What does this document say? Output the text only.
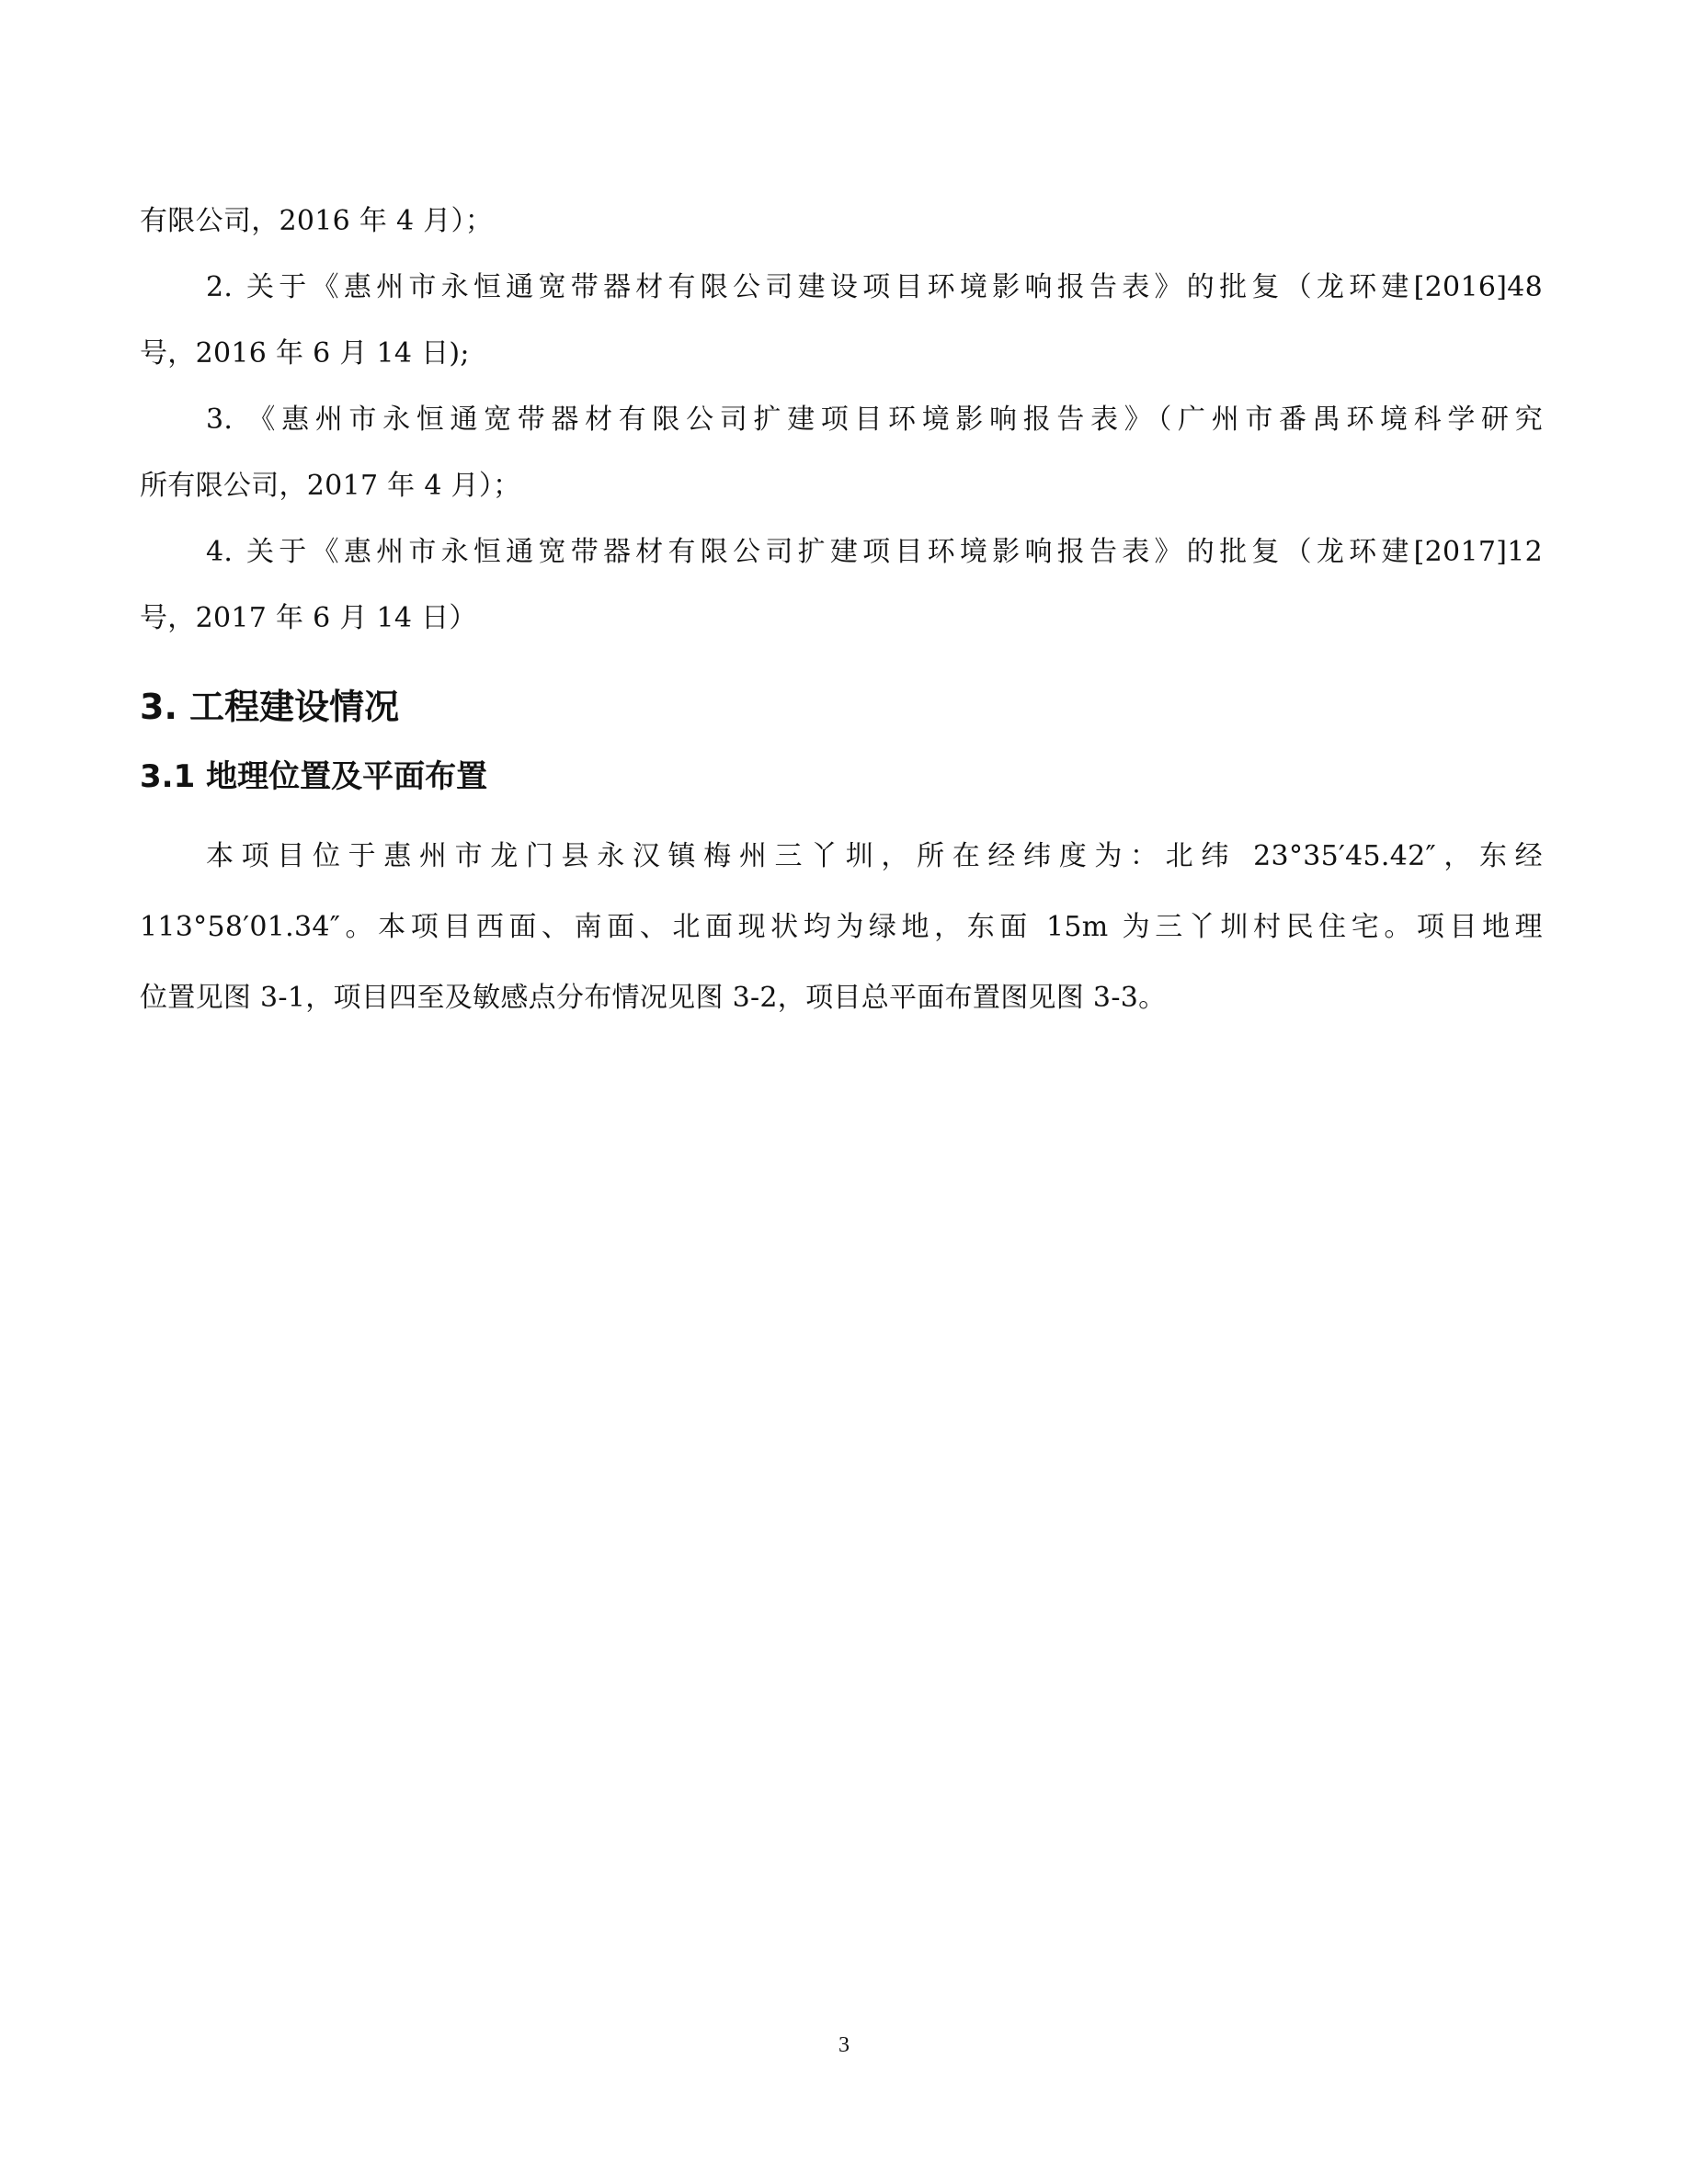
有限公司，2016 年 4 月）；
2. 关于《惠州市永恒通宽带器材有限公司建设项目环境影响报告表》的批复（龙环建[2016]48
号，2016 年 6 月 14 日);
3. 《惠州市永恒通宽带器材有限公司扩建项目环境影响报告表》（广州市番禺环境科学研究
所有限公司，2017 年 4 月）；
4. 关于《惠州市永恒通宽带器材有限公司扩建项目环境影响报告表》的批复（龙环建[2017]12
号，2017 年 6 月 14 日）
3. 工程建设情况
3.1 地理位置及平面布置
本项目位于惠州市龙门县永汉镇梅州三丫圳，所在经纬度为：北纬 23°35′45.42″，东经
113°58′01.34″。本项目西面、南面、北面现状均为绿地，东面 15m 为三丫圳村民住宅。项目地理
位置见图 3-1，项目四至及敏感点分布情况见图 3-2，项目总平面布置图见图 3-3。
3
